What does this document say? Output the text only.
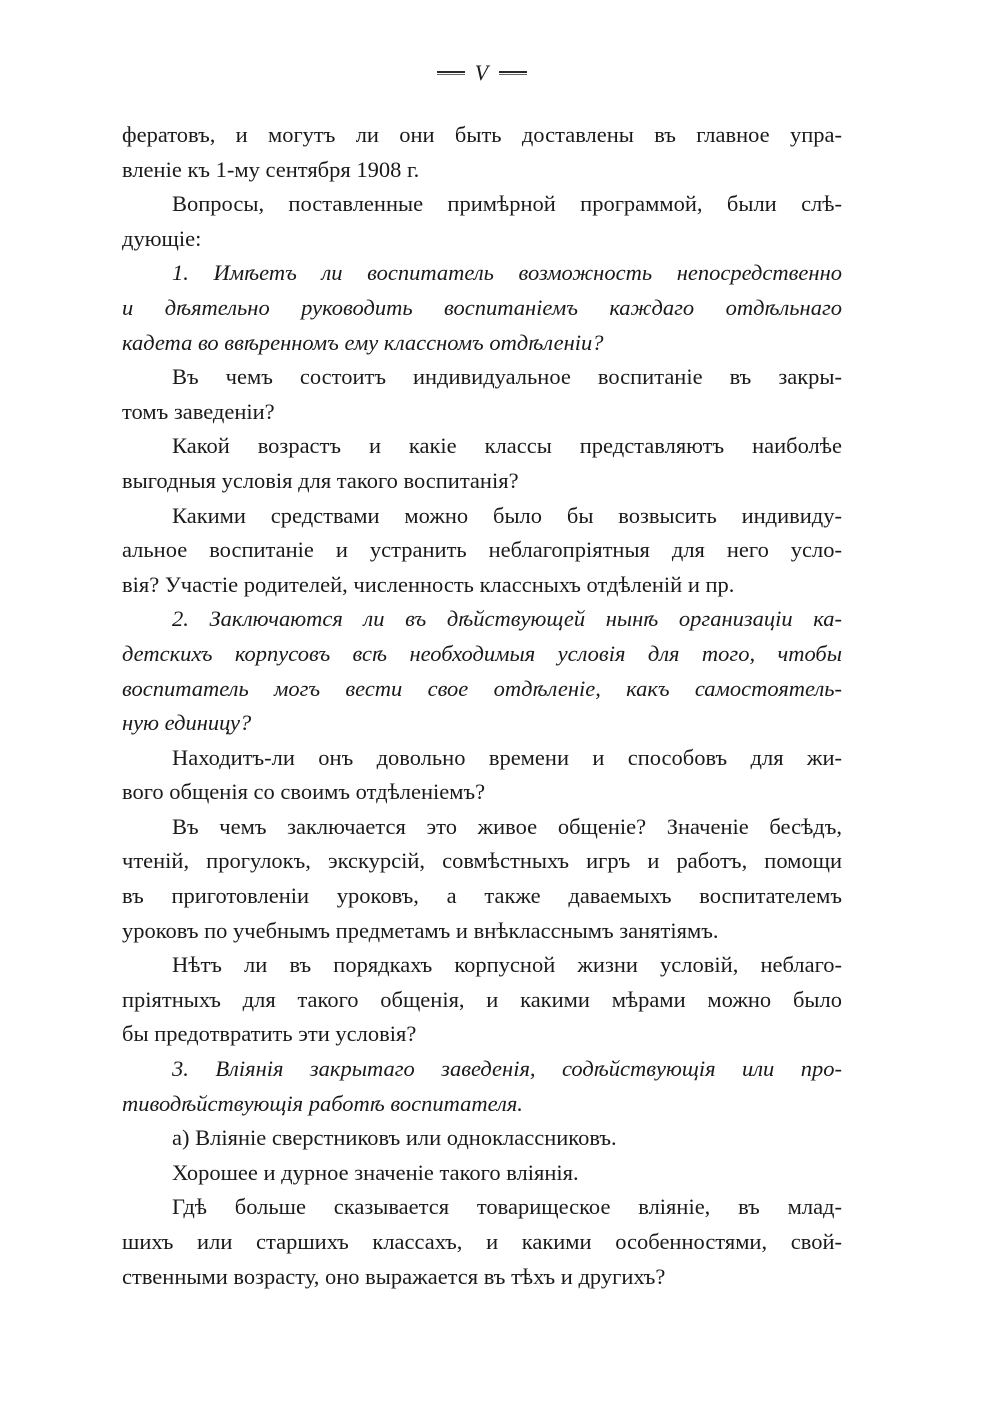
V
фератовъ, и могутъ ли они быть доставлены въ главное упра-
вленіе къ 1-му сентября 1908 г.
Вопросы, поставленные примѣрной программой, были слѣ-
дующіе:
1. Имѣетъ ли воспитатель возможность непосредственно
и дѣятельно руководить воспитаніемъ каждаго отдѣльнаго
кадета во ввѣренномъ ему классномъ отдѣленіи?
Въ чемъ состоитъ индивидуальное воспитаніе въ закры-
томъ заведеніи?
Какой возрастъ и какіе классы представляютъ наиболѣе
выгодныя условія для такого воспитанія?
Какими средствами можно было бы возвысить индивиду-
альное воспитаніе и устранить неблагопріятныя для него усло-
вія? Участіе родителей, численность классныхъ отдѣленій и пр.
2. Заключаются ли въ дѣйствующей нынѣ организаціи ка-
детскихъ корпусовъ всѣ необходимыя условія для того, чтобы
воспитатель могъ вести свое отдѣленіе, какъ самостоятель-
ную единицу?
Находитъ-ли онъ довольно времени и способовъ для жи-
вого общенія со своимъ отдѣленіемъ?
Въ чемъ заключается это живое общеніе? Значеніе бесѣдъ,
чтеній, прогулокъ, экскурсій, совмѣстныхъ игръ и работъ, помощи
въ приготовленіи уроковъ, а также даваемыхъ воспитателемъ
уроковъ по учебнымъ предметамъ и внѣкласснымъ занятіямъ.
Нѣтъ ли въ порядкахъ корпусной жизни условій, неблаго-
пріятныхъ для такого общенія, и какими мѣрами можно было
бы предотвратить эти условія?
3. Вліянія закрытаго заведенія, содѣйствующія или про-
тиводѣйствующія работѣ воспитателя.
а) Вліяніе сверстниковъ или одноклассниковъ.
Хорошее и дурное значеніе такого вліянія.
Гдѣ больше сказывается товарищеское вліяніе, въ млад-
шихъ или старшихъ классахъ, и какими особенностями, свой-
ственными возрасту, оно выражается въ тѣхъ и другихъ?
